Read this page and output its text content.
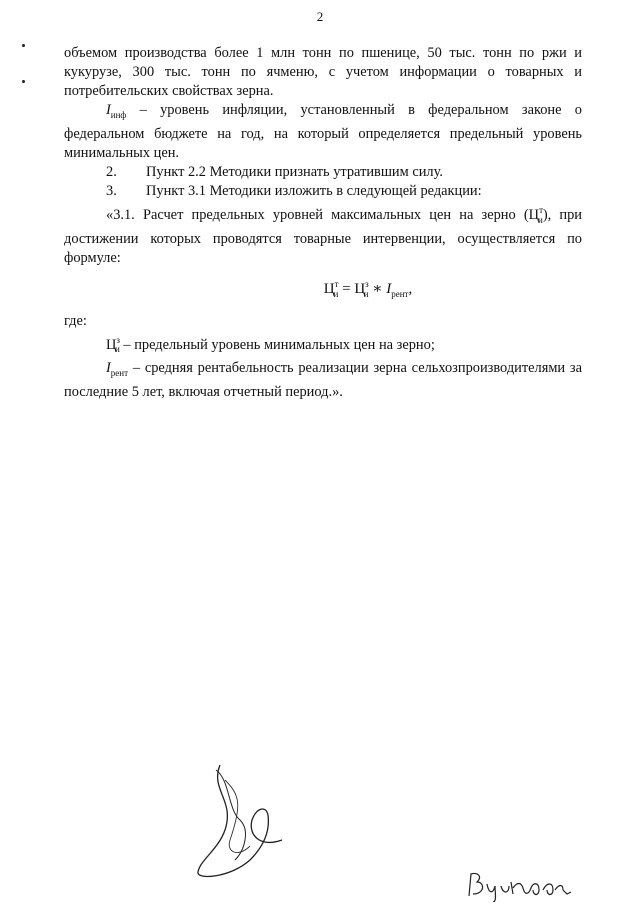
2

объемом производства более 1 млн тонн по пшенице, 50 тыс. тонн по ржи и кукурузе, 300 тыс. тонн по ячменю, с учетом информации о товарных и потребительских свойствах зерна.

$I_{инф}$ – уровень инфляции, установленный в федеральном законе о федеральном бюджете на год, на который определяется предельный уровень минимальных цен.

2. Пункт 2.2 Методики признать утратившим силу.

3. Пункт 3.1 Методики изложить в следующей редакции:

«3.1. Расчет предельных уровней максимальных цен на зерно $(Ц^т_и)$, при достижении которых проводятся товарные интервенции, осуществляется по формуле:

$Ц^т_и = Ц^з_и$ ∗ $I_{рент}$,

где:

$Ц^з_и$ – предельный уровень минимальных цен на зерно;

$I_{рент}$ – средняя рентабельность реализации зерна сельхозпроизводителями за последние 5 лет, включая отчетный период.».
